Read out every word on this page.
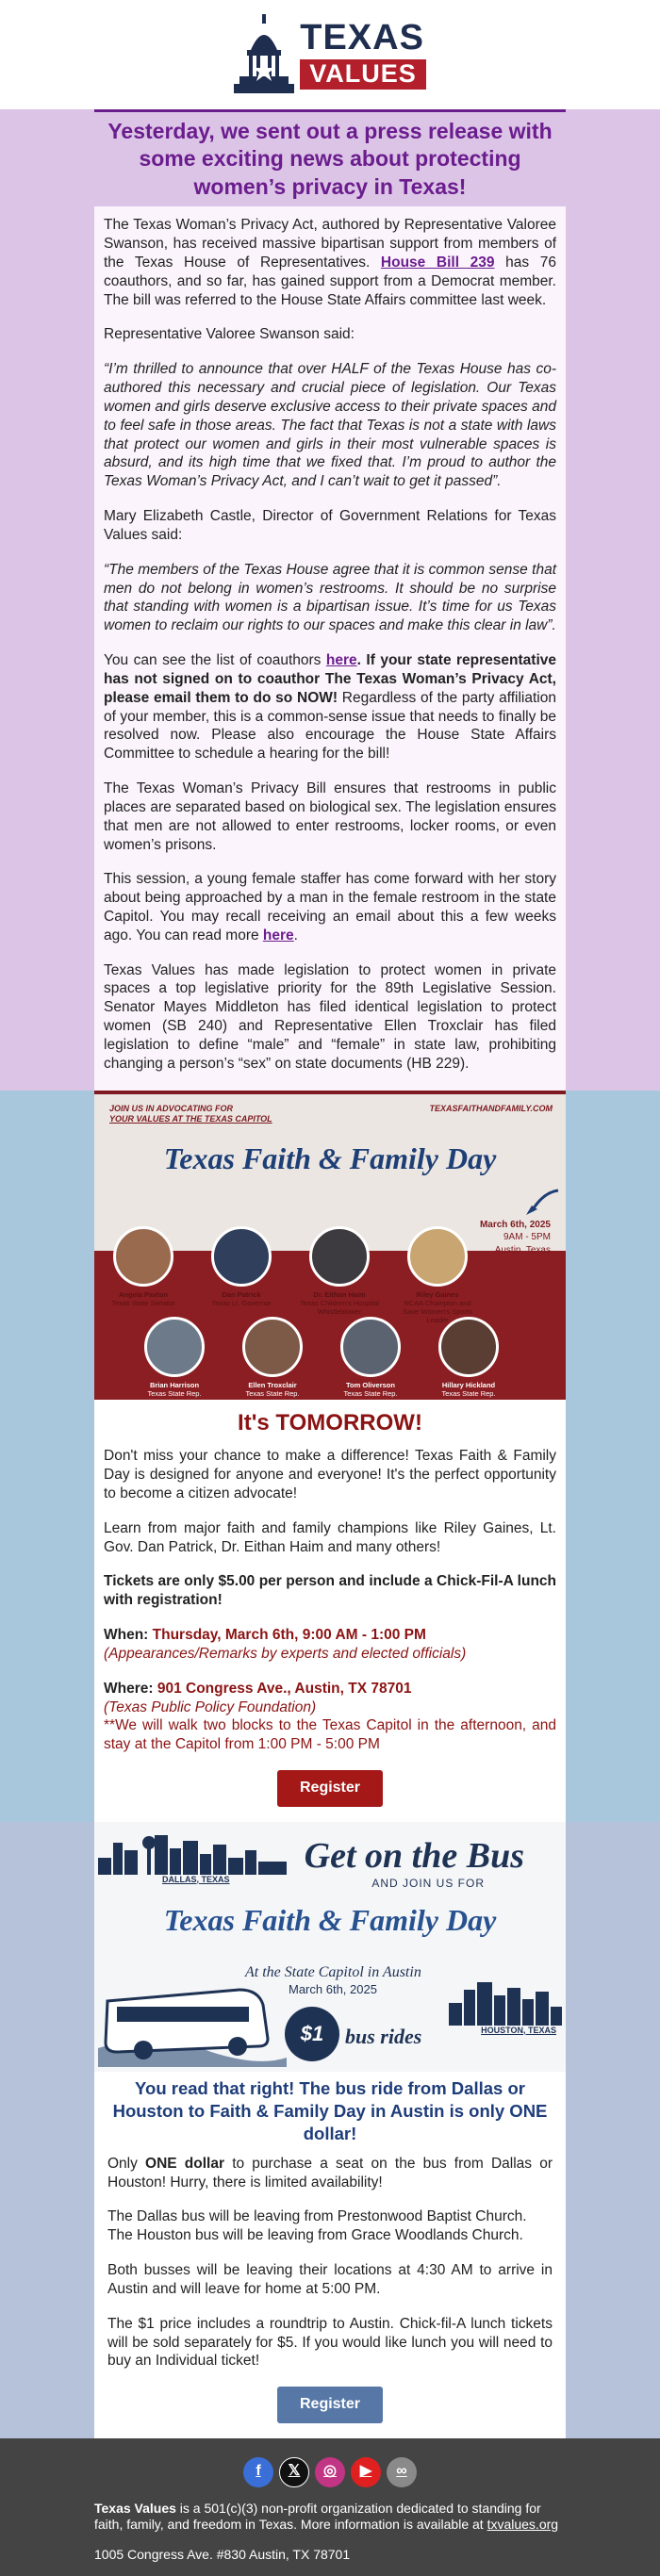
TEXAS
VALUES
Yesterday, we sent out a press release with some exciting news about protecting women’s privacy in Texas!

The Texas Woman’s Privacy Act, authored by Representative Valoree Swanson, has received massive bipartisan support from members of the Texas House of Representatives. House Bill 239 has 76 coauthors, and so far, has gained support from a Democrat member. The bill was referred to the House State Affairs committee last week.

Representative Valoree Swanson said:

“I’m thrilled to announce that over HALF of the Texas House has co-authored this necessary and crucial piece of legislation. Our Texas women and girls deserve exclusive access to their private spaces and to feel safe in those areas. The fact that Texas is not a state with laws that protect our women and girls in their most vulnerable spaces is absurd, and its high time that we fixed that. I’m proud to author the Texas Woman’s Privacy Act, and I can’t wait to get it passed”.

Mary Elizabeth Castle, Director of Government Relations for Texas Values said:

“The members of the Texas House agree that it is common sense that men do not belong in women’s restrooms. It should be no surprise that standing with women is a bipartisan issue. It’s time for us Texas women to reclaim our rights to our spaces and make this clear in law”.

You can see the list of coauthors here. If your state representative has not signed on to coauthor The Texas Woman’s Privacy Act, please email them to do so NOW! Regardless of the party affiliation of your member, this is a common-sense issue that needs to finally be resolved now. Please also encourage the House State Affairs Committee to schedule a hearing for the bill!

The Texas Woman’s Privacy Bill ensures that restrooms in public places are separated based on biological sex. The legislation ensures that men are not allowed to enter restrooms, locker rooms, or even women’s prisons.

This session, a young female staffer has come forward with her story about being approached by a man in the female restroom in the state Capitol. You may recall receiving an email about this a few weeks ago. You can read more here.

Texas Values has made legislation to protect women in private spaces a top legislative priority for the 89th Legislative Session. Senator Mayes Middleton has filed identical legislation to protect women (SB 240) and Representative Ellen Troxclair has filed legislation to define “male” and “female” in state law, prohibiting changing a person’s “sex” on state documents (HB 229).

JOIN US IN ADVOCATING FOR
YOUR VALUES AT THE TEXAS CAPITOL
TEXASFAITHANDFAMILY.COM
Texas Faith & Family Day
March 6th, 2025
9AM - 5PM
Austin, Texas
Angela Paxton
Texas State Senator
Dan Patrick
Texas Lt. Governor
Dr. Eithan Haim
Texas Children's Hospital Whistleblower
Riley Gaines
NCAA Champion and Save Women's Sports Leader
Brian Harrison
Texas State Rep.
Ellen Troxclair
Texas State Rep.
Tom Oliverson
Texas State Rep.
Hillary Hickland
Texas State Rep.
It's TOMORROW!

Don't miss your chance to make a difference! Texas Faith & Family Day is designed for anyone and everyone! It's the perfect opportunity to become a citizen advocate!

Learn from major faith and family champions like Riley Gaines, Lt. Gov. Dan Patrick, Dr. Eithan Haim and many others!

Tickets are only $5.00 per person and include a Chick-Fil-A lunch with registration!

When: Thursday, March 6th, 9:00 AM - 1:00 PM
(Appearances/Remarks by experts and elected officials)

Where: 901 Congress Ave., Austin, TX 78701
(Texas Public Policy Foundation)
**We will walk two blocks to the Texas Capitol in the afternoon, and stay at the Capitol from 1:00 PM - 5:00 PM

Register
DALLAS, TEXAS
Get on the Bus
AND JOIN US FOR
Texas Faith & Family Day
At the State Capitol in Austin
March 6th, 2025
$1	bus rides	HOUSTON, TEXAS
You read that right! The bus ride from Dallas or Houston to Faith & Family Day in Austin is only ONE dollar!

Only ONE dollar to purchase a seat on the bus from Dallas or Houston! Hurry, there is limited availability!

The Dallas bus will be leaving from Prestonwood Baptist Church.
The Houston bus will be leaving from Grace Woodlands Church.

Both busses will be leaving their locations at 4:30 AM to arrive in Austin and will leave for home at 5:00 PM.

The $1 price includes a roundtrip to Austin. Chick-fil-A lunch tickets will be sold separately for $5. If you would like lunch you will need to buy an Individual ticket!

Register
f	𝕏	◎	▶	∞

Texas Values is a 501(c)(3) non-profit organization dedicated to standing for faith, family, and freedom in Texas. More information is available at txvalues.org

1005 Congress Ave. #830 Austin, TX 78701
